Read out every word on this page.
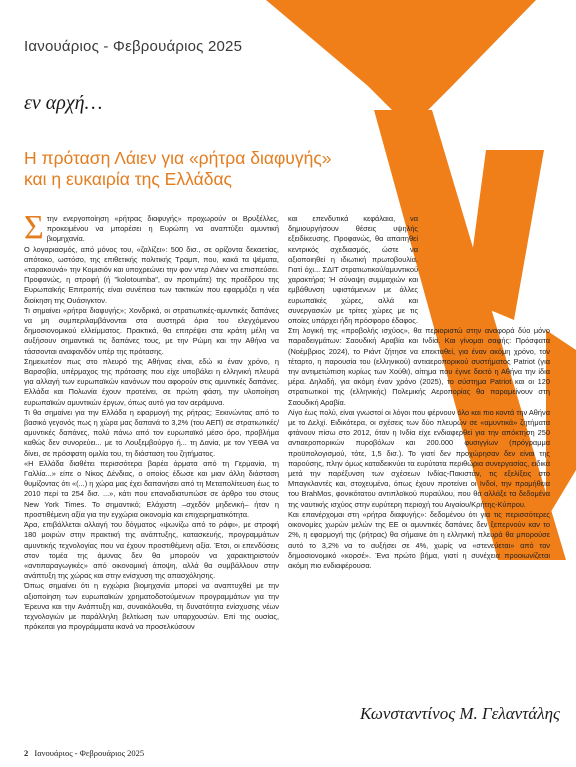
Ιανουάριος - Φεβρουάριος 2025
εν αρχή…
Η πρόταση Λάιεν για «ρήτρα διαφυγής»
και η ευκαιρία της Ελλάδας

Στην ενεργοποίηση «ρήτρας διαφυγής» προχωρούν οι Βρυξέλλες, προκειμένου να μπορέσει η Ευρώπη να αναπτύξει αμυντική βιομηχανία.

Ο λογαριασμός, από μόνος του, «ζαλίζει»: 500 δισ., σε ορίζοντα δεκαετίας, απότοκο, ωστόσο, της επιθετικής πολιτικής Τραμπ, που, κακά τα ψέματα, «ταρακουνά» την Κομισιόν και υποχρεώνει την φον ντερ Λάιεν να επισπεύσει. Προφανώς, η στροφή (ή "kolotoumba", αν προτιμάτε) της προέδρου της Ευρωπαϊκής Επιτροπής είναι συνέπεια των τακτικών που εφαρμόζει η νέα διοίκηση της Ουάσιγκτον.

Τι σημαίνει «ρήτρα διαφυγής»; Χονδρικά, οι στρατιωτικές-αμυντικές δαπάνες να μη συμπεριλαμβάνονται στα αυστηρά όρια του ελεγχόμενου δημοσιονομικού ελλείμματος. Πρακτικά, θα επιτρέψει στα κράτη μέλη να αυξήσουν σημαντικά τις δαπάνες τους, με την Ρώμη και την Αθήνα να τάσσονται αναφανδόν υπέρ της πρότασης.

Σημειωτέον πως στο πλευρό της Αθήνας είναι, εδώ κι έναν χρόνο, η Βαρσοβία, υπέρμαχος της πρότασης που είχε υποβάλει η ελληνική πλευρά για αλλαγή των ευρωπαϊκών κανόνων που αφορούν στις αμυντικές δαπάνες. Ελλάδα και Πολωνία έχουν προτείνει, σε πρώτη φάση, την υλοποίηση ευρωπαϊκών αμυντικών έργων, όπως αυτό για τον αεράμυνα.

Τι θα σημαίνει για την Ελλάδα η εφαρμογή της ρήτρας; Ξεκινώντας από το βασικό γεγονός πως η χώρα μας δαπανά το 3,2% (του ΑΕΠ) σε στρατιωτικές/αμυντικές δαπάνες, πολύ πάνω από τον ευρωπαϊκό μέσο όρο, προβλήμα καθώς δεν συνορεύει... με το Λουξεμβούργο ή... τη Δανία, με τον ΥΕΘΑ να δίνει, σε πρόσφατη ομιλία του, τη διάσταση του ζητήματος.

«Η Ελλάδα διαθέτει περισσότερα βαρέα άρματα από τη Γερμανία, τη Γαλλία...» είπε ο Νίκος Δένδιας, ο οποίος έδωσε και μιαν άλλη διάσταση θυμίζοντας ότι «(...) η χώρα μας έχει δαπανήσει από τη Μεταπολίτευση έως το 2010 περί τα 254 δισ. ...», κάτι που επαναδιατυπώσε σε άρθρο του στους New York Times. Το σημαντικό; Ελάχιστη –σχεδόν μηδενική– ήταν η προστιθέμενη αξία για την εγχώρια οικονομία και επιχειρηματικότητα.

Άρα, επιβάλλεται αλλαγή του δόγματος «ψωνίζω από το ράφι», με στροφή 180 μοιρών στην πρακτική της ανάπτυξης, κατασκευής, προγραμμάτων αμυντικής τεχνολογίας που να έχουν προστιθέμενη αξία. Έτσι, οι επενδύσεις στον τομέα της άμυνας δεν θα μπορούν να χαρακτηριστούν «αντιπαραγωγικές» από οικονομική άποψη, αλλά θα συμβάλλουν στην ανάπτυξη της χώρας και στην ενίσχυση της απασχόλησης.

Όπως σημαίνει ότι η εγχώρια βιομηχανία μπορεί να αναπτυχθεί με την αξιοποίηση των ευρωπαϊκών χρηματοδοτούμενων προγραμμάτων για την Έρευνα και την Ανάπτυξη και, συνακόλουθα, τη δυνατότητα ενίσχυσης νέων τεχνολογιών με παράλληλη βελτίωση των υπαρχουσών. Επί της ουσίας, πρόκειται για προγράμματα ικανά να προσελκύσουν

και επενδυτικά κεφάλαια, να δημιουργήσουν θέσεις υψηλής εξειδίκευσης. Προφανώς, θα απαιτηθεί κεντρικός σχεδιασμός, ώστε να αξιοποιηθεί η ιδιωτική πρωτοβουλία. Γιατί όχι... ΣΔΙΤ στρατιωτικού/αμυντικού χαρακτήρα; Ή σύναψη συμμαχιών και εμβάθυνση υφιστάμενων με άλλες ευρωπαϊκές χώρες, αλλά και συνεργασιών με τρίτες χώρες με τις οποίες υπάρχει ήδη πρόσφορο έδαφος.

Στη λογική της «προβολής ισχύος», θα περιοριστώ στην αναφορά δύο μόνο παραδειγμάτων: Σαουδική Αραβία και Ινδία. Και γίνομαι σαφής: Πρόσφατα (Νοέμβριος 2024), το Ριάντ ζήτησε να επεκταθεί, για έναν ακόμη χρόνο, τον τέταρτο, η παρουσία του (ελληνικού) αντιαεροπορικού συστήματος Patriot (για την αντιμετώπιση κυρίως των Χούθι), αίτημα που έγινε δεκτό η Αθήνα την ίδια μέρα. Δηλαδή, για ακόμη έναν χρόνο (2025), το σύστημα Patriot και οι 120 στρατιωτικοί της (ελληνικής) Πολεμικής Αεροπορίας θα παραμείνουν στη Σαουδική Αραβία.

Λίγο έως πολύ, είναι γνωστοί οι λόγοι που φέρνουν όλο και πιο κοντά την Αθήνα με το Δελχί. Ειδικότερα, οι σχέσεις των δύο πλευρών σε «αμυντικά» ζητήματα φτάνουν πίσω στο 2012, όταν η Ινδία είχε ενδιαφερθεί για την απόκτηση 250 αντιαεροπορικών πυροβόλων και 200.000 φυσιγγίων (πρόγραμμα προϋπολογισμού, τότε, 1,5 δισ.). Το γιατί δεν προχώρησαν δεν είναι της παρούσης, πλην όμως καταδεικνύει τα ευρύτατα περιθώρια συνεργασίας, ειδικά μετά την παρέξυνση των σχέσεων Ινδίας-Πακιστάν, τις εξελίξεις στο Μπαγκλαντές και, στοχευμένα, όπως έχουν προτείνει οι Ινδοί, την προμήθεια του BrahMos, φονικότατου αντιπλοϊκού πυραύλου, που θα αλλάξε τα δεδομένα της ναυτικής ισχύος στην ευρύτερη περιοχή του Αιγαίου/Κρήτης-Κύπρου.

Και επανέρχομαι στη «ρήτρα διαφυγής»: δεδομένου ότι για τις περισσότερες οικονομίες χωρών μελών της ΕΕ οι αμυντικές δαπάνες δεν ξεπερνούν καν το 2%, η εφαρμογή της (ρήτρας) θα σήμαινε ότι η ελληνική πλευρά θα μπορούσε αυτό το 3,2% να το αυξήσει σε 4%, χωρίς να «στενεύεται» από τον δημοσιονομικό «κορσέ». Ένα πρώτο βήμα, γιατί η συνέχεια προοιωνίζεται ακόμη πιο ενδιαφέρουσα.

Κωνσταντίνος Μ. Γελαντάλης
2 Ιανουάριος - Φεβρουάριος 2025
